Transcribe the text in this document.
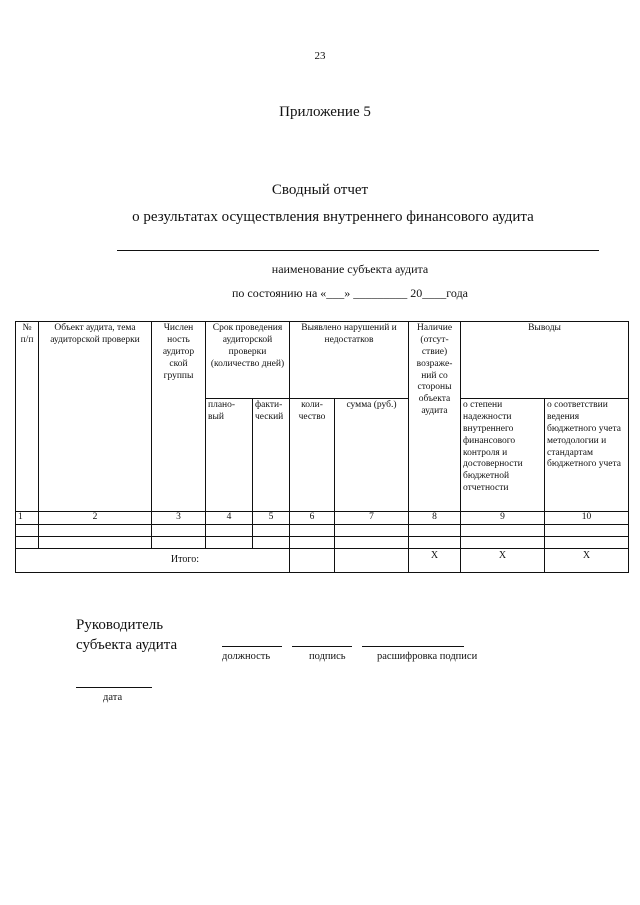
23
Приложение 5
Сводный отчет
о результатах осуществления внутреннего финансового аудита
наименование субъекта аудита
по состоянию на «___» _________ 20____года
№ п/п	Объект аудита, тема аудиторской проверки	Числен ность аудитор ской группы	Срок проведения аудиторской проверки (количество дней)		Выявлено нарушений и недостатков		Наличие (отсут-ствие) возраже-ний со стороны объекта аудита	Выводы	
			плано-вый	факти-ческий	коли-чество	сумма (руб.)		о степени надежности внутреннего финансового контроля и достоверности бюджетной отчетности	о соответствии ведения бюджетного учета методологии и стандартам бюджетного учета
1	2	3	4	5	6	7	8	9	10

Итого:							X	X	X
Руководитель
субъекта аудита
должность	подпись	расшифровка подписи
дата
